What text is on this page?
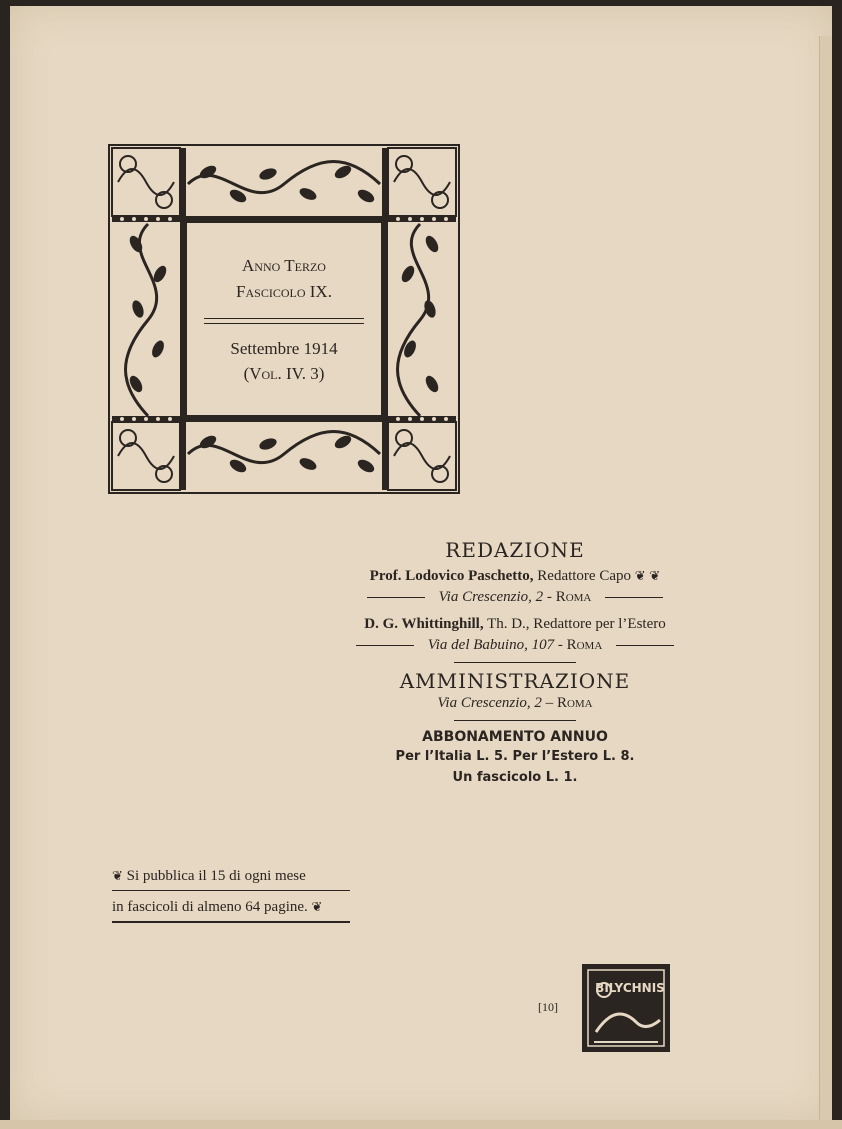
Anno Terzo
Fascicolo IX.
Settembre 1914
(Vol. IV. 3)
REDAZIONE
Prof. Lodovico Paschetto, Redattore Capo ❦ ❦
Via Crescenzio, 2 - Roma
D. G. Whittinghill, Th. D., Redattore per l’Estero
Via del Babuino, 107 - Roma
AMMINISTRAZIONE
Via Crescenzio, 2 – Roma
ABBONAMENTO ANNUO
Per l’Italia L. 5. Per l’Estero L. 8.
Un fascicolo L. 1.
❦ Si pubblica il 15 di ogni mese
in fascicoli di almeno 64 pagine. ❦
[10]
BILYCHNIS
